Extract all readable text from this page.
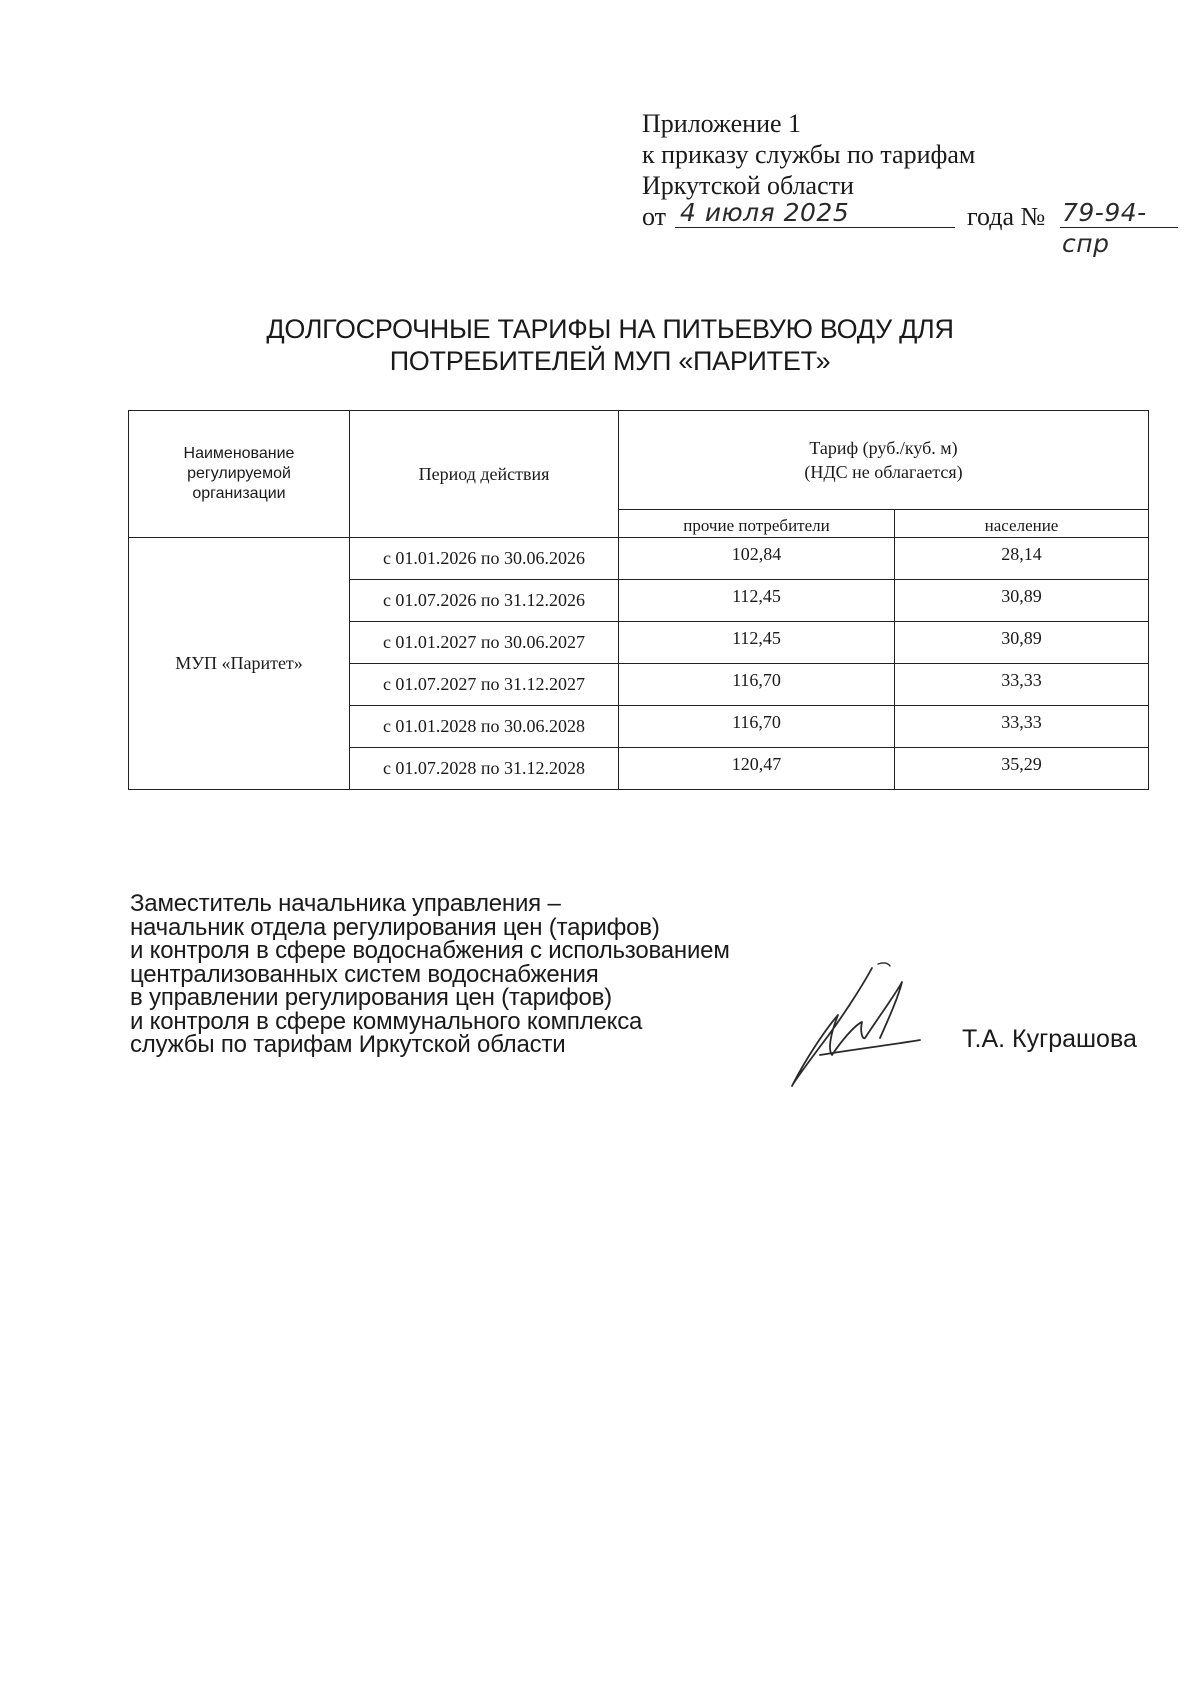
Приложение 1
к приказу службы по тарифам
Иркутской области
от 4 июля 2025	года № 79-94-спр
ДОЛГОСРОЧНЫЕ ТАРИФЫ НА ПИТЬЕВУЮ ВОДУ ДЛЯ
ПОТРЕБИТЕЛЕЙ МУП «ПАРИТЕТ»
Наименование
регулируемой
организации	Период действия	Тариф (руб./куб. м)
(НДС не облагается)	

		прочие потребители	население
МУП «Паритет»	с 01.01.2026 по 30.06.2026	102,84	28,14
	с 01.07.2026 по 31.12.2026	112,45	30,89
	с 01.01.2027 по 30.06.2027	112,45	30,89
	с 01.07.2027 по 31.12.2027	116,70	33,33
	с 01.01.2028 по 30.06.2028	116,70	33,33
	с 01.07.2028 по 31.12.2028	120,47	35,29
Заместитель начальника управления –
начальник отдела регулирования цен (тарифов)
и контроля в сфере водоснабжения с использованием
централизованных систем водоснабжения
в управлении регулирования цен (тарифов)
и контроля в сфере коммунального комплекса
службы по тарифам Иркутской области	Т.А. Куграшова
